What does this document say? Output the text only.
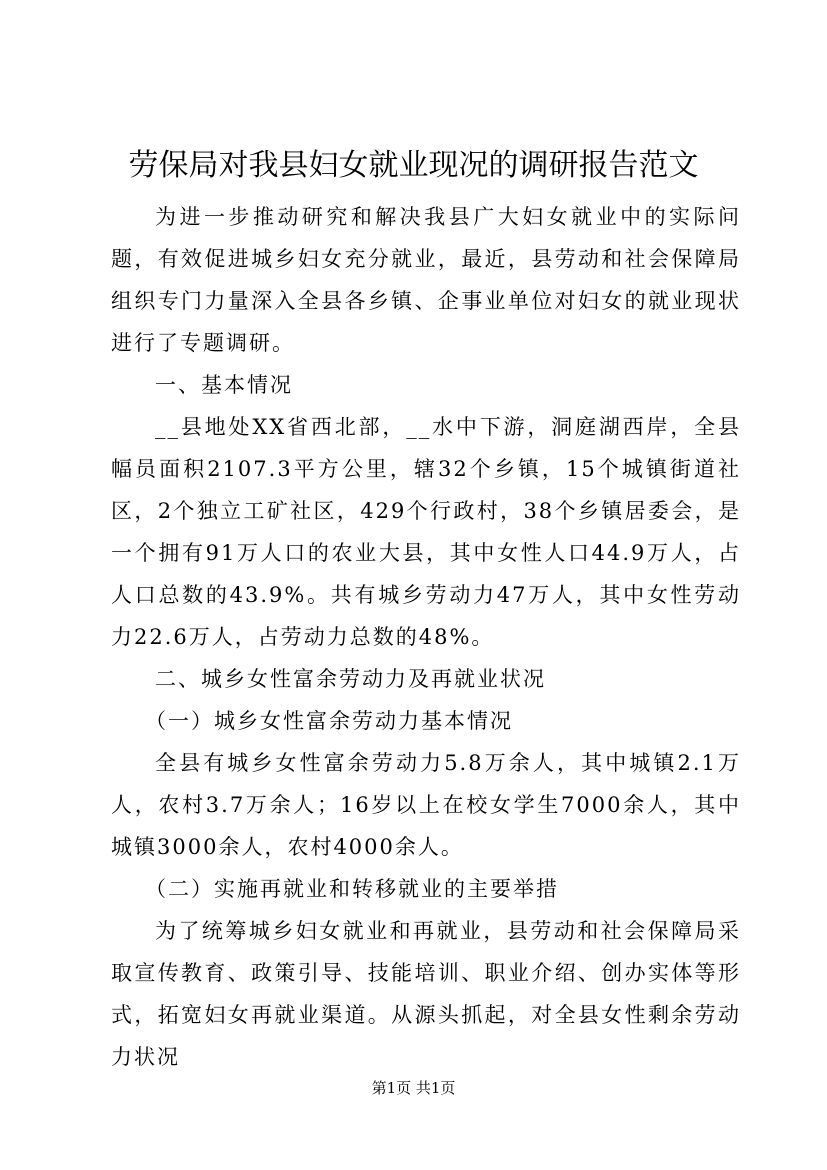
劳保局对我县妇女就业现况的调研报告范文

为进一步推动研究和解决我县广大妇女就业中的实际问题，有效促进城乡妇女充分就业，最近，县劳动和社会保障局组织专门力量深入全县各乡镇、企事业单位对妇女的就业现状进行了专题调研。

一、基本情况

__县地处XX省西北部，__水中下游，洞庭湖西岸，全县幅员面积2107.3平方公里，辖32个乡镇，15个城镇街道社区，2个独立工矿社区，429个行政村，38个乡镇居委会，是一个拥有91万人口的农业大县，其中女性人口44.9万人，占人口总数的43.9%。共有城乡劳动力47万人，其中女性劳动力22.6万人，占劳动力总数的48%。

二、城乡女性富余劳动力及再就业状况

（一）城乡女性富余劳动力基本情况

全县有城乡女性富余劳动力5.8万余人，其中城镇2.1万人，农村3.7万余人；16岁以上在校女学生7000余人，其中城镇3000余人，农村4000余人。

（二）实施再就业和转移就业的主要举措

为了统筹城乡妇女就业和再就业，县劳动和社会保障局采取宣传教育、政策引导、技能培训、职业介绍、创办实体等形式，拓宽妇女再就业渠道。从源头抓起，对全县女性剩余劳动力状况

第1页 共1页
